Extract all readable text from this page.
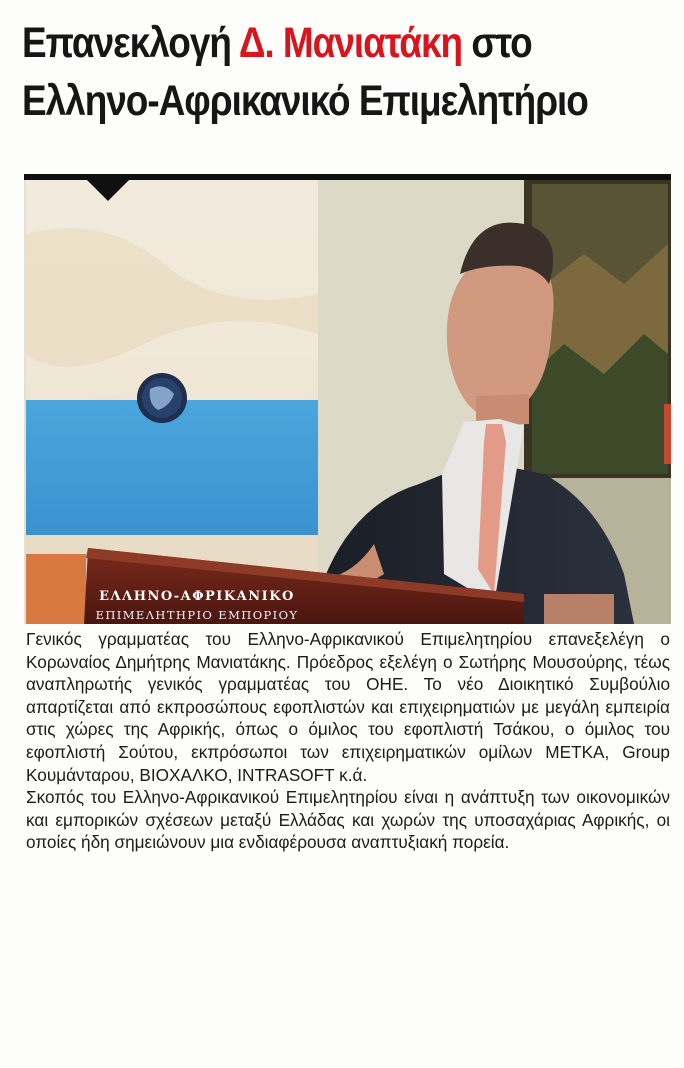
Επανεκλογή Δ. Μανιατάκη στο
Ελληνο-Αφρικανικό Επιμελητήριο
ΕΛΛΗΝΟ-ΑΦΡΙΚΑΝΙΚΟ
ΕΠΙΜΕΛΗΤΗΡΙΟ ΕΜΠΟΡΙΟΥ

Γενικός γραμματέας του Ελληνο-Αφρικανικού Επιμελητηρίου επανεξελέγη ο Κορωναίος Δημήτρης Μανιατάκης. Πρόεδρος εξελέγη ο Σωτήρης Μουσούρης, τέως αναπληρωτής γενικός γραμματέας του ΟΗΕ. Το νέο Διοικητικό Συμβούλιο απαρτίζεται από εκπροσώπους εφοπλιστών και επιχειρηματιών με μεγάλη εμπειρία στις χώρες της Αφρικής, όπως ο όμιλος του εφοπλιστή Τσάκου, ο όμιλος του εφοπλιστή Σούτου, εκπρόσωποι των επιχειρηματικών ομίλων ΜΕΤΚΑ, Group Κουμάνταρου, ΒΙΟΧΑΛΚΟ, INTRASOFT κ.ά.

Σκοπός του Ελληνο-Αφρικανικού Επιμελητηρίου είναι η ανάπτυξη των οικονομικών και εμπορικών σχέσεων μεταξύ Ελλάδας και χωρών της υποσαχάριας Αφρικής, οι οποίες ήδη σημειώνουν μια ενδιαφέρουσα αναπτυξιακή πορεία.
